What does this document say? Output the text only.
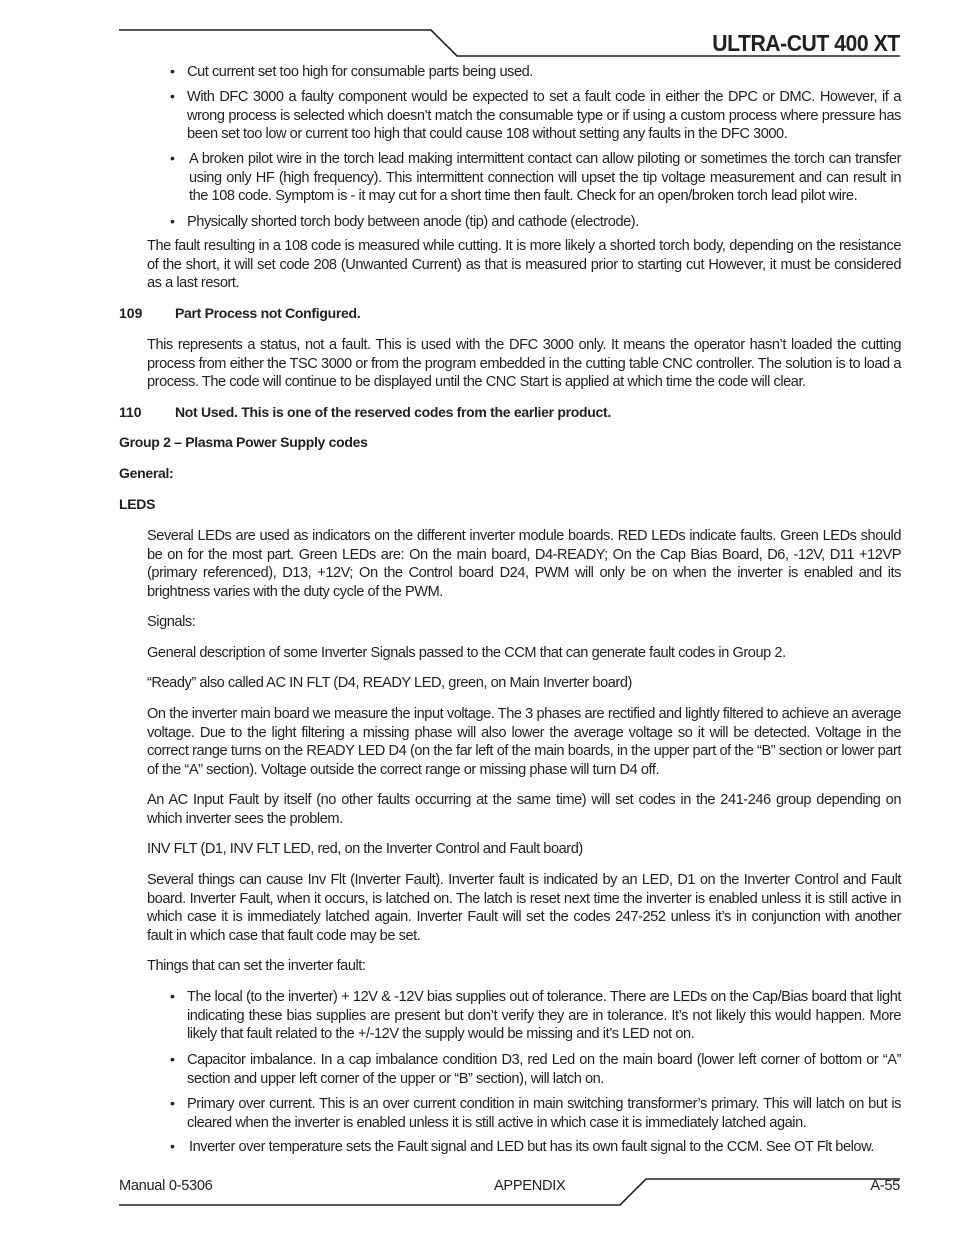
ULTRA-CUT 400 XT
• Cut current set too high for consumable parts being used.
• With DFC 3000 a faulty component would be expected to set a fault code in either the DPC or DMC. However, if a wrong process is selected which doesn’t match the consumable type or if using a custom process where pressure has been set too low or current too high that could cause 108 without setting any faults in the DFC 3000.
• A broken pilot wire in the torch lead making intermittent contact can allow piloting or sometimes the torch can transfer using only HF (high frequency). This intermittent connection will upset the tip voltage measurement and can result in the 108 code. Symptom is - it may cut for a short time then fault. Check for an open/broken torch lead pilot wire.
• Physically shorted torch body between anode (tip) and cathode (electrode).
The fault resulting in a 108 code is measured while cutting. It is more likely a shorted torch body, depending on the resistance of the short, it will set code 208 (Unwanted Current) as that is measured prior to starting cut However, it must be considered as a last resort.
109 Part Process not Configured.
This represents a status, not a fault. This is used with the DFC 3000 only. It means the operator hasn’t loaded the cutting process from either the TSC 3000 or from the program embedded in the cutting table CNC controller. The solution is to load a process. The code will continue to be displayed until the CNC Start is applied at which time the code will clear.
110 Not Used. This is one of the reserved codes from the earlier product.
Group 2 – Plasma Power Supply codes
General:
LEDS
Several LEDs are used as indicators on the different inverter module boards. RED LEDs indicate faults. Green LEDs should be on for the most part. Green LEDs are: On the main board, D4-READY; On the Cap Bias Board, D6, -12V, D11 +12VP (primary referenced), D13, +12V; On the Control board D24, PWM will only be on when the inverter is enabled and its brightness varies with the duty cycle of the PWM.
Signals:
General description of some Inverter Signals passed to the CCM that can generate fault codes in Group 2.
“Ready” also called AC IN FLT (D4, READY LED, green, on Main Inverter board)
On the inverter main board we measure the input voltage. The 3 phases are rectified and lightly filtered to achieve an average voltage. Due to the light filtering a missing phase will also lower the average voltage so it will be detected. Voltage in the correct range turns on the READY LED D4 (on the far left of the main boards, in the upper part of the “B” section or lower part of the “A” section). Voltage outside the correct range or missing phase will turn D4 off.
An AC Input Fault by itself (no other faults occurring at the same time) will set codes in the 241-246 group depending on which inverter sees the problem.
INV FLT (D1, INV FLT LED, red, on the Inverter Control and Fault board)
Several things can cause Inv Flt (Inverter Fault). Inverter fault is indicated by an LED, D1 on the Inverter Control and Fault board. Inverter Fault, when it occurs, is latched on. The latch is reset next time the inverter is enabled unless it is still active in which case it is immediately latched again. Inverter Fault will set the codes 247-252 unless it’s in conjunction with another fault in which case that fault code may be set.
Things that can set the inverter fault:
• The local (to the inverter) + 12V & -12V bias supplies out of tolerance. There are LEDs on the Cap/Bias board that light indicating these bias supplies are present but don’t verify they are in tolerance. It’s not likely this would happen. More likely that fault related to the +/-12V the supply would be missing and it’s LED not on.
• Capacitor imbalance. In a cap imbalance condition D3, red Led on the main board (lower left corner of bottom or “A” section and upper left corner of the upper or “B” section), will latch on.
• Primary over current. This is an over current condition in main switching transformer’s primary. This will latch on but is cleared when the inverter is enabled unless it is still active in which case it is immediately latched again.
• Inverter over temperature sets the Fault signal and LED but has its own fault signal to the CCM. See OT Flt below.
Manual 0-5306	APPENDIX	A-55
